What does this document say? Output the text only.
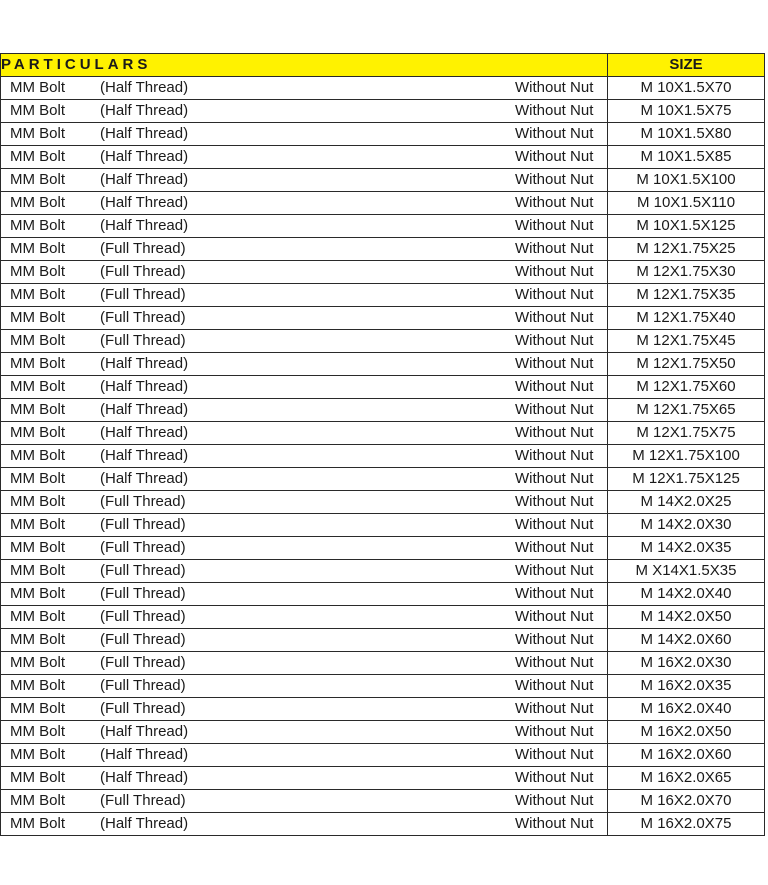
PARTICULARS	SIZE

MM Bolt (Half Thread) Without Nut	M 10X1.5X70

MM Bolt (Half Thread) Without Nut	M 10X1.5X75

MM Bolt (Half Thread) Without Nut	M 10X1.5X80

MM Bolt (Half Thread) Without Nut	M 10X1.5X85

MM Bolt (Half Thread) Without Nut	M 10X1.5X100

MM Bolt (Half Thread) Without Nut	M 10X1.5X110

MM Bolt (Half Thread) Without Nut	M 10X1.5X125

MM Bolt (Full Thread) Without Nut	M 12X1.75X25

MM Bolt (Full Thread) Without Nut	M 12X1.75X30

MM Bolt (Full Thread) Without Nut	M 12X1.75X35

MM Bolt (Full Thread) Without Nut	M 12X1.75X40

MM Bolt (Full Thread) Without Nut	M 12X1.75X45

MM Bolt (Half Thread) Without Nut	M 12X1.75X50

MM Bolt (Half Thread) Without Nut	M 12X1.75X60

MM Bolt (Half Thread) Without Nut	M 12X1.75X65

MM Bolt (Half Thread) Without Nut	M 12X1.75X75

MM Bolt (Half Thread) Without Nut	M 12X1.75X100

MM Bolt (Half Thread) Without Nut	M 12X1.75X125

MM Bolt (Full Thread) Without Nut	M 14X2.0X25

MM Bolt (Full Thread) Without Nut	M 14X2.0X30

MM Bolt (Full Thread) Without Nut	M 14X2.0X35

MM Bolt (Full Thread) Without Nut	M X14X1.5X35

MM Bolt (Full Thread) Without Nut	M 14X2.0X40

MM Bolt (Full Thread) Without Nut	M 14X2.0X50

MM Bolt (Full Thread) Without Nut	M 14X2.0X60

MM Bolt (Full Thread) Without Nut	M 16X2.0X30

MM Bolt (Full Thread) Without Nut	M 16X2.0X35

MM Bolt (Full Thread) Without Nut	M 16X2.0X40

MM Bolt (Half Thread) Without Nut	M 16X2.0X50

MM Bolt (Half Thread) Without Nut	M 16X2.0X60

MM Bolt (Half Thread) Without Nut	M 16X2.0X65

MM Bolt (Full Thread) Without Nut	M 16X2.0X70

MM Bolt (Half Thread) Without Nut	M 16X2.0X75
